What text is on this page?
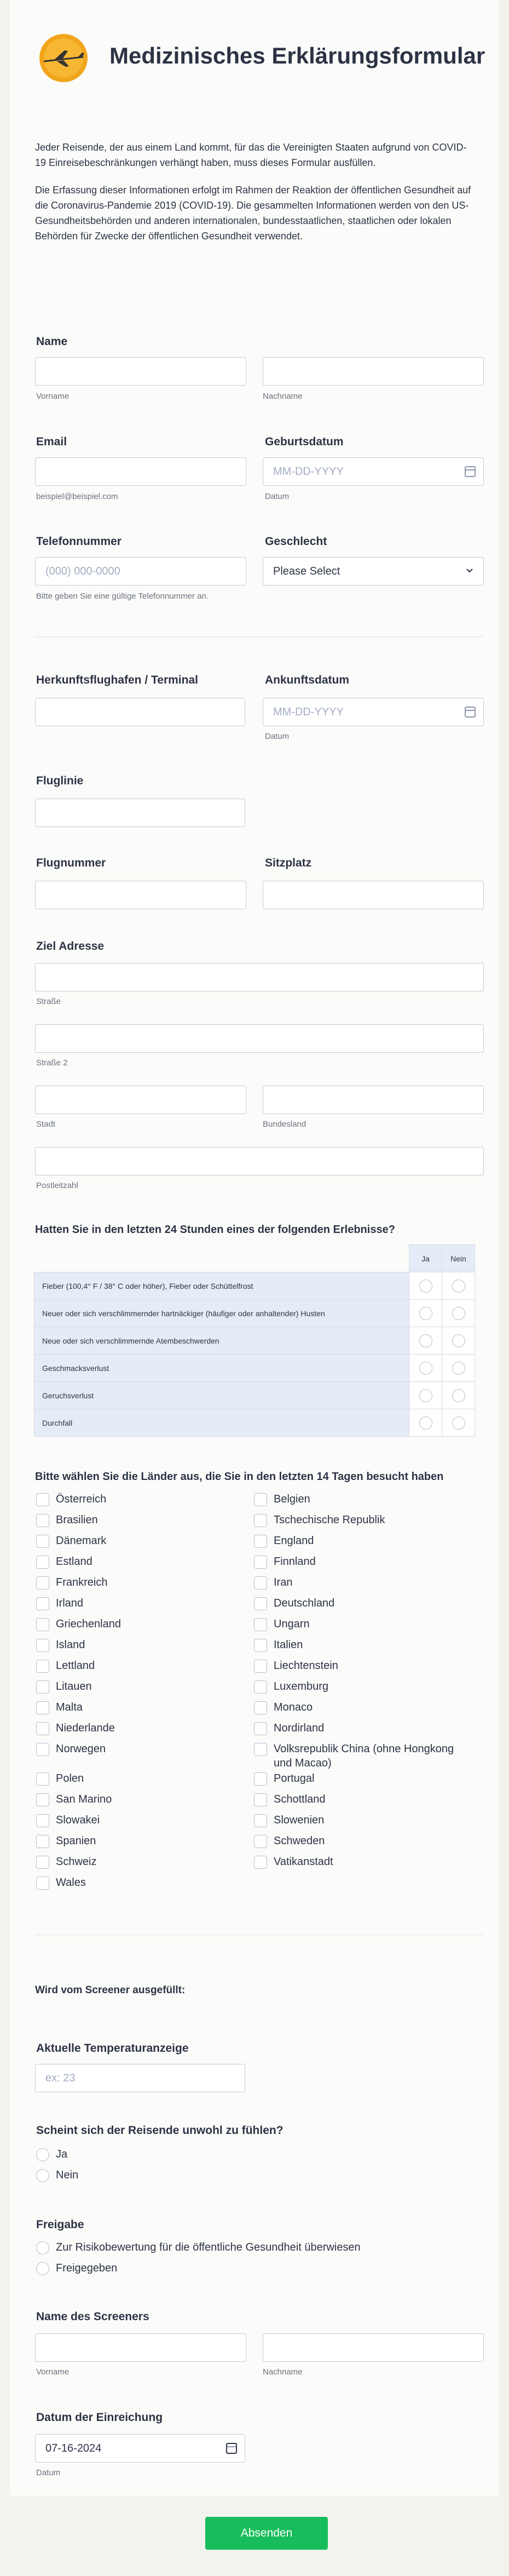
Medizinisches Erklärungsformular
Jeder Reisende, der aus einem Land kommt, für das die Vereinigten Staaten aufgrund von COVID-19 Einreisebeschränkungen verhängt haben, muss dieses Formular ausfüllen.
Die Erfassung dieser Informationen erfolgt im Rahmen der Reaktion der öffentlichen Gesundheit auf die Coronavirus-Pandemie 2019 (COVID-19). Die gesammelten Informationen werden von den US-Gesundheitsbehörden und anderen internationalen, bundesstaatlichen, staatlichen oder lokalen Behörden für Zwecke der öffentlichen Gesundheit verwendet.
Name
Vorname	Nachname
Email
beispiel@beispiel.com
Geburtsdatum
MM-DD-YYYY
Datum
Telefonnummer
(000) 000-0000
Bitte geben Sie eine gültige Telefonnummer an.
Geschlecht
Please Select
Herkunftsflughafen / Terminal	Ankunftsdatum
MM-DD-YYYY
Datum
Fluglinie
Flugnummer	Sitzplatz
Ziel Adresse
Straße
Straße 2
Stadt	Bundesland
Postleitzahl
Hatten Sie in den letzten 24 Stunden eines der folgenden Erlebnisse?
	Ja	Nein
Fieber (100,4° F / 38° C oder höher), Fieber oder Schüttelfrost		
Neuer oder sich verschlimmernder hartnäckiger (häufiger oder anhaltender) Husten		
Neue oder sich verschlimmernde Atembeschwerden		
Geschmacksverlust		
Geruchsverlust		
Durchfall		
Bitte wählen Sie die Länder aus, die Sie in den letzten 14 Tagen besucht haben
Wird vom Screener ausgefüllt:
Aktuelle Temperaturanzeige
ex: 23
Scheint sich der Reisende unwohl zu fühlen?
Ja
Nein
Freigabe
Zur Risikobewertung für die öffentliche Gesundheit überwiesen
Freigegeben
Name des Screeners
Vorname	Nachname
Datum der Einreichung
07-16-2024
Datum
Absenden
Österreich
Brasilien
Dänemark
Estland
Frankreich
Irland
Griechenland
Island
Lettland
Litauen
Malta
Niederlande
Norwegen
Polen
San Marino
Slowakei
Spanien
Schweiz
Wales
Belgien
Tschechische Republik
England
Finnland
Iran
Deutschland
Ungarn
Italien
Liechtenstein
Luxemburg
Monaco
Nordirland
Volksrepublik China (ohne Hongkong und Macao)
Portugal
Schottland
Slowenien
Schweden
Vatikanstadt
